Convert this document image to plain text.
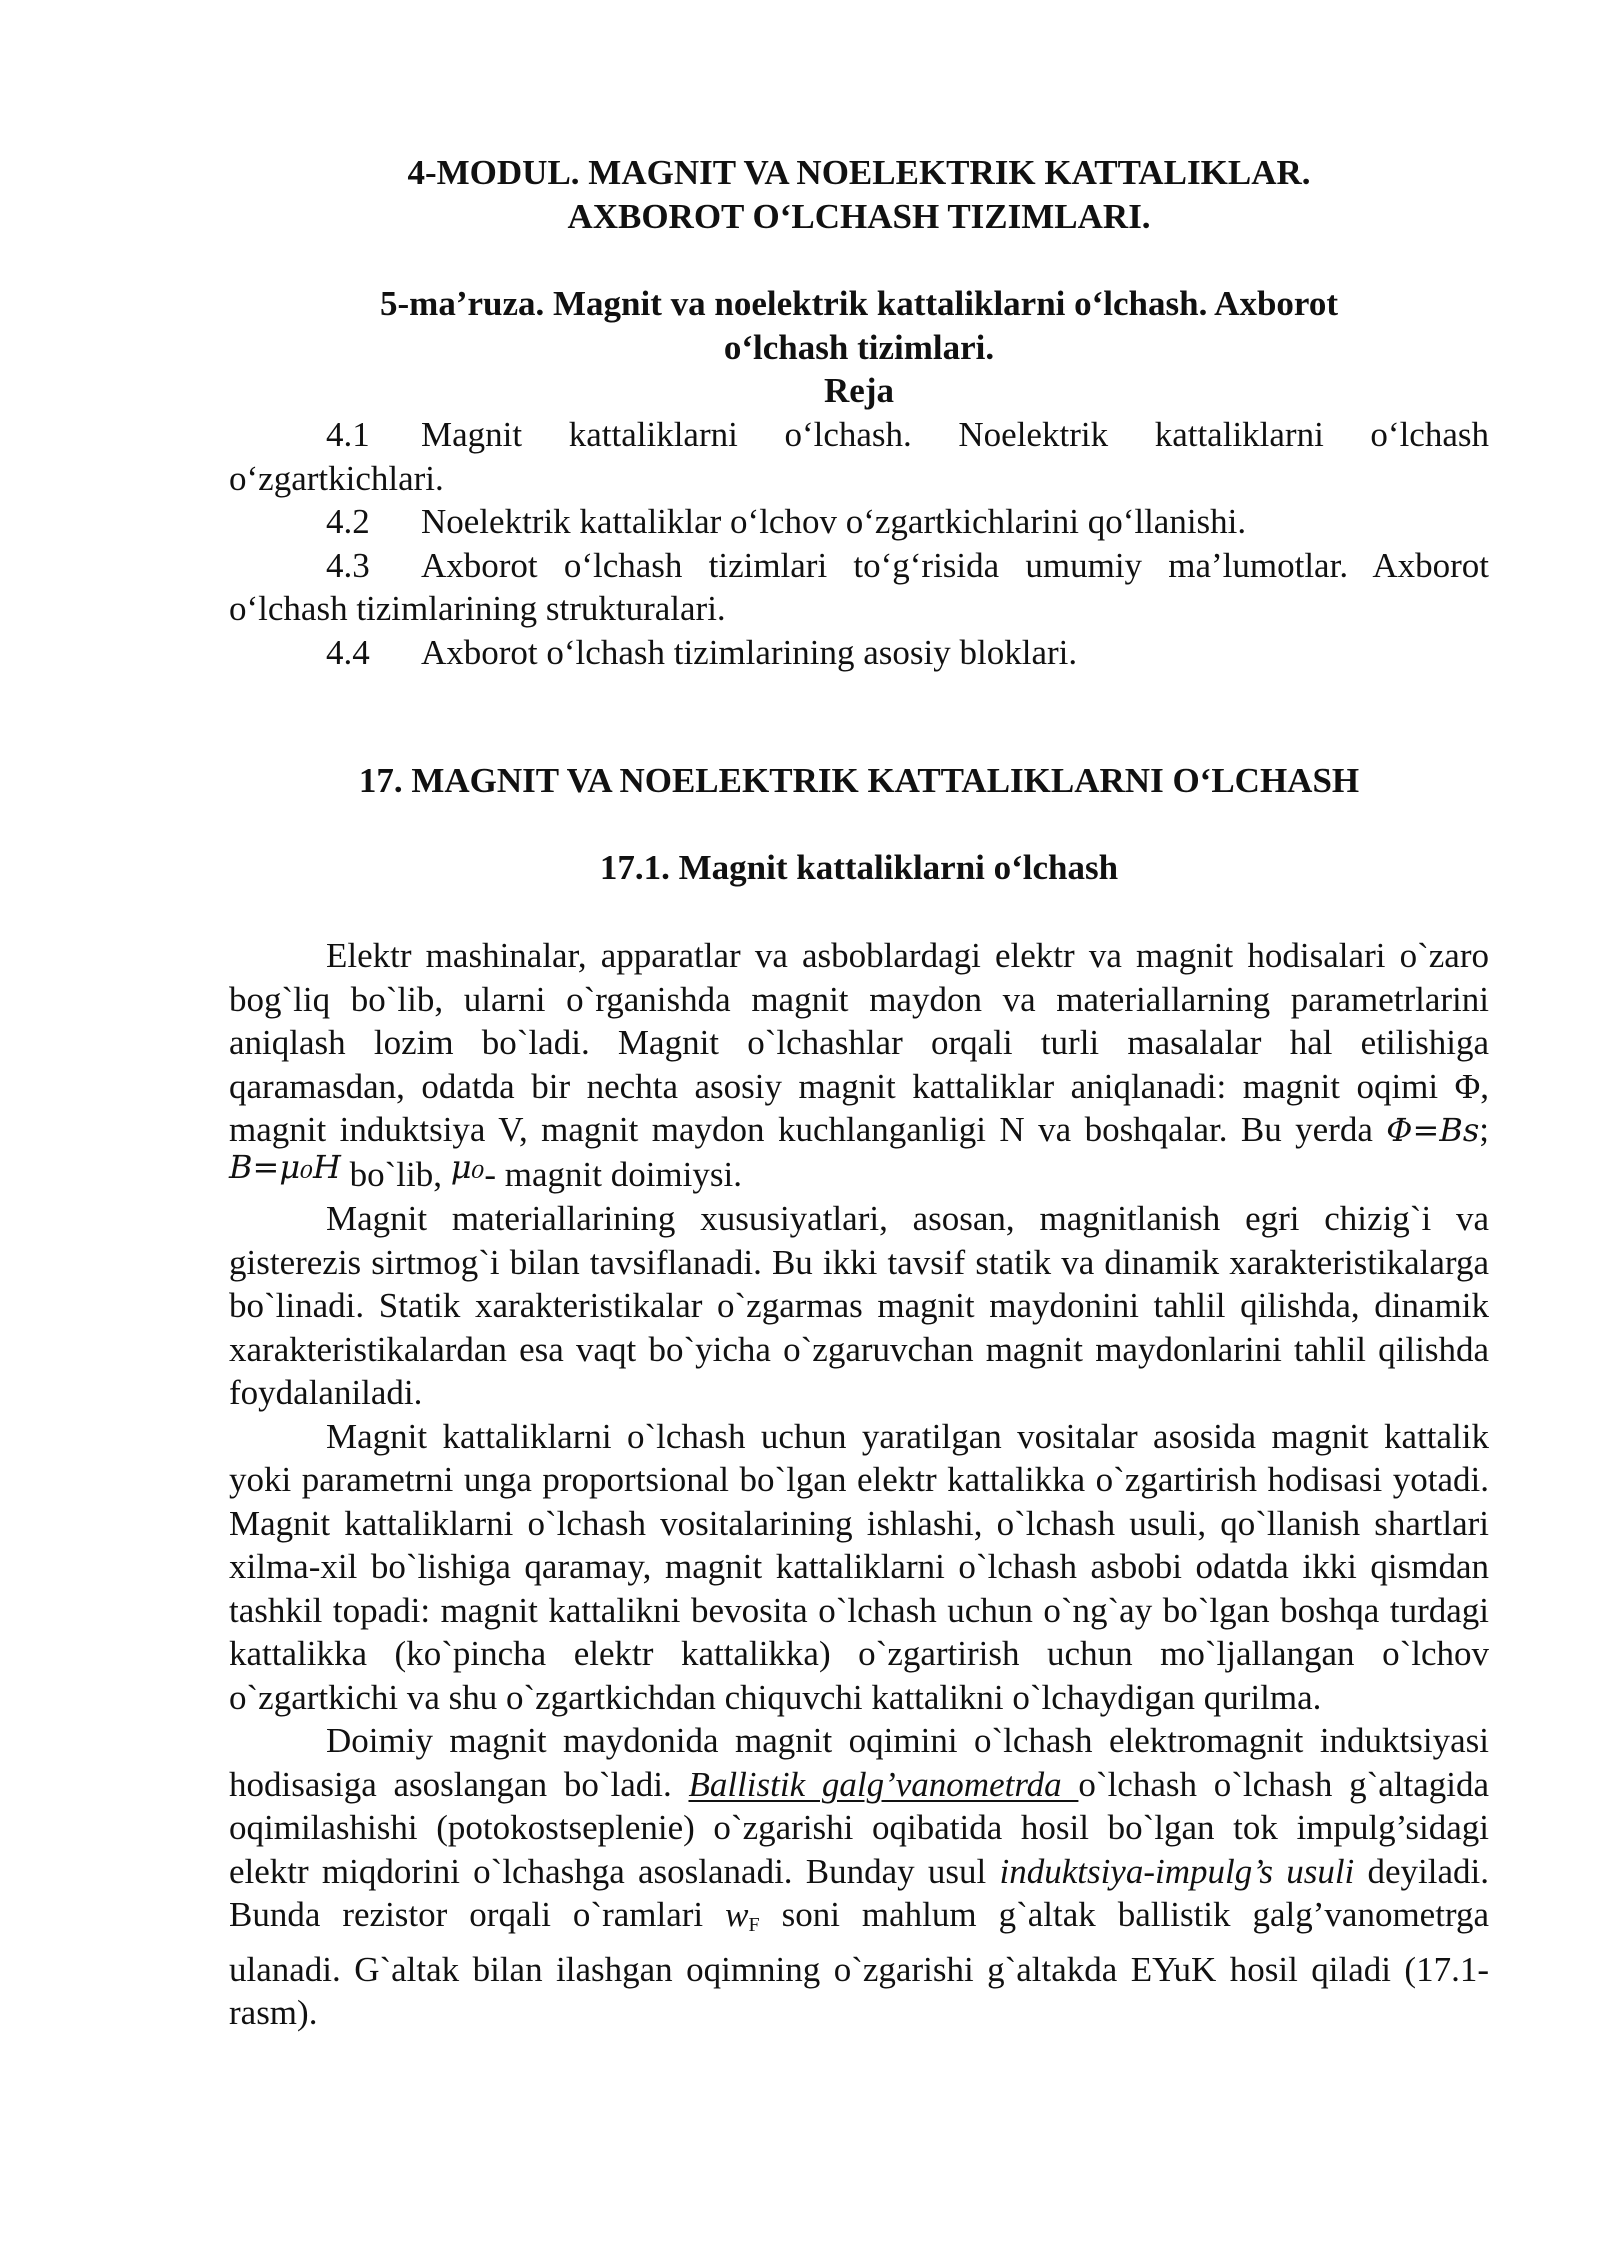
4-MODUL. MAGNIT VA NOELEKTRIK KATTALIKLAR.
AXBOROT O‘LCHASH TIZIMLARI.
5-ma’ruza. Magnit va noelektrik kattaliklarni o‘lchash. Axborot
o‘lchash tizimlari.
Reja
4.1 Magnit kattaliklarni o‘lchash. Noelektrik kattaliklarni o‘lchash o‘zgartkichlari.
4.2 Noelektrik kattaliklar o‘lchov o‘zgartkichlarini qo‘llanishi.
4.3 Axborot o‘lchash tizimlari to‘g‘risida umumiy ma’lumotlar. Axborot o‘lchash tizimlarining strukturalari.
4.4 Axborot o‘lchash tizimlarining asosiy bloklari.
17. MAGNIT VA NOELEKTRIK KATTALIKLARNI O‘LCHASH
17.1. Magnit kattaliklarni o‘lchash
Elektr mashinalar, apparatlar va asboblardagi elektr va magnit hodisalari o`zaro bog`liq bo`lib, ularni o`rganishda magnit maydon va materiallarning parametrlarini aniqlash lozim bo`ladi. Magnit o`lchashlar orqali turli masalalar hal etilishiga qaramasdan, odatda bir nechta asosiy magnit kattaliklar aniqlanadi: magnit oqimi Φ, magnit induktsiya V, magnit maydon kuchlanganligi N va boshqalar. Bu yerda Φ=Bs; B=μ₀H bo`lib, μ₀- magnit doimiysi.
Magnit materiallarining xususiyatlari, asosan, magnitlanish egri chizig`i va gisterezis sirtmog`i bilan tavsiflanadi. Bu ikki tavsif statik va dinamik xarakteristikalarga bo`linadi. Statik xarakteristikalar o`zgarmas magnit maydonini tahlil qilishda, dinamik xarakteristikalardan esa vaqt bo`yicha o`zgaruvchan magnit maydonlarini tahlil qilishda foydalaniladi.
Magnit kattaliklarni o`lchash uchun yaratilgan vositalar asosida magnit kattalik yoki parametrni unga proportsional bo`lgan elektr kattalikka o`zgartirish hodisasi yotadi. Magnit kattaliklarni o`lchash vositalarining ishlashi, o`lchash usuli, qo`llanish shartlari xilma-xil bo`lishiga qaramay, magnit kattaliklarni o`lchash asbobi odatda ikki qismdan tashkil topadi: magnit kattalikni bevosita o`lchash uchun o`ng`ay bo`lgan boshqa turdagi kattalikka (ko`pincha elektr kattalikka) o`zgartirish uchun mo`ljallangan o`lchov o`zgartkichi va shu o`zgartkichdan chiquvchi kattalikni o`lchaydigan qurilma.
Doimiy magnit maydonida magnit oqimini o`lchash elektromagnit induktsiyasi hodisasiga asoslangan bo`ladi. Ballistik galg’vanometrda o`lchash o`lchash g`altagida oqimilashishi (potokostseplenie) o`zgarishi oqibatida hosil bo`lgan tok impulg’sidagi elektr miqdorini o`lchashga asoslanadi. Bunday usul induktsiya-impulg’s usuli deyiladi. Bunda rezistor orqali o`ramlari $w_F$ soni mahlum g`altak ballistik galg’vanometrga ulanadi. G`altak bilan ilashgan oqimning o`zgarishi g`altakda EYuK hosil qiladi (17.1-rasm).
